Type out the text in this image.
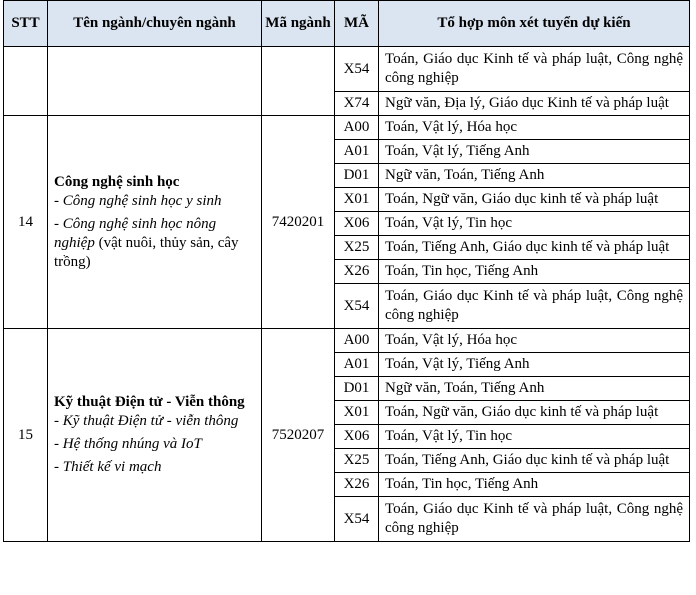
STT	Tên ngành/chuyên ngành	Mã ngành	MÃ	Tổ hợp môn xét tuyển dự kiến
			X54	Toán, Giáo dục Kinh tế và pháp luật, Công nghệ công nghiệp
			X74	Ngữ văn, Địa lý, Giáo dục Kinh tế và pháp luật
14	Công nghệ sinh học
- Công nghệ sinh học y sinh
- Công nghệ sinh học nông nghiệp (vật nuôi, thủy sản, cây trồng)	7420201	A00	Toán, Vật lý, Hóa học
			A01	Toán, Vật lý, Tiếng Anh
			D01	Ngữ văn, Toán, Tiếng Anh
			X01	Toán, Ngữ văn, Giáo dục kinh tế và pháp luật
			X06	Toán, Vật lý, Tin học
			X25	Toán, Tiếng Anh, Giáo dục kinh tế và pháp luật
			X26	Toán, Tin học, Tiếng Anh
			X54	Toán, Giáo dục Kinh tế và pháp luật, Công nghệ công nghiệp
15	Kỹ thuật Điện tử - Viễn thông
- Kỹ thuật Điện tử - viễn thông
- Hệ thống nhúng và IoT
- Thiết kế vi mạch	7520207	A00	Toán, Vật lý, Hóa học
			A01	Toán, Vật lý, Tiếng Anh
			D01	Ngữ văn, Toán, Tiếng Anh
			X01	Toán, Ngữ văn, Giáo dục kinh tế và pháp luật
			X06	Toán, Vật lý, Tin học
			X25	Toán, Tiếng Anh, Giáo dục kinh tế và pháp luật
			X26	Toán, Tin học, Tiếng Anh
			X54	Toán, Giáo dục Kinh tế và pháp luật, Công nghệ công nghiệp
